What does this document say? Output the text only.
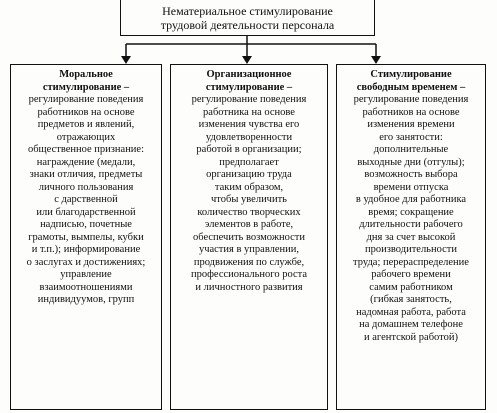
Нематериальное стимулирование
трудовой деятельности персонала
Моральное
стимулирование –
регулирование поведения
работников на основе
предметов и явлений,
отражающих
общественное признание:
награждение (медали,
знаки отличия, предметы
личного пользования
с дарственной
или благодарственной
надписью, почетные
грамоты, вымпелы, кубки
и т.п.); информирование
о заслугах и достижениях;
управление
взаимоотношениями
индивидуумов, групп
Организационное
стимулирование –
регулирование поведения
работника на основе
изменения чувства его
удовлетворенности
работой в организации;
предполагает
организацию труда
таким образом,
чтобы увеличить
количество творческих
элементов в работе,
обеспечить возможности
участия в управлении,
продвижения по службе,
профессионального роста
и личностного развития
Стимулирование
свободным временем –
регулирование поведения
работников на основе
изменения времени
его занятости:
дополнительные
выходные дни (отгулы);
возможность выбора
времени отпуска
в удобное для работника
время; сокращение
длительности рабочего
дня за счет высокой
производительности
труда; перераспределение
рабочего времени
самим работником
(гибкая занятость,
надомная работа, работа
на домашнем телефоне
и агентской работой)
